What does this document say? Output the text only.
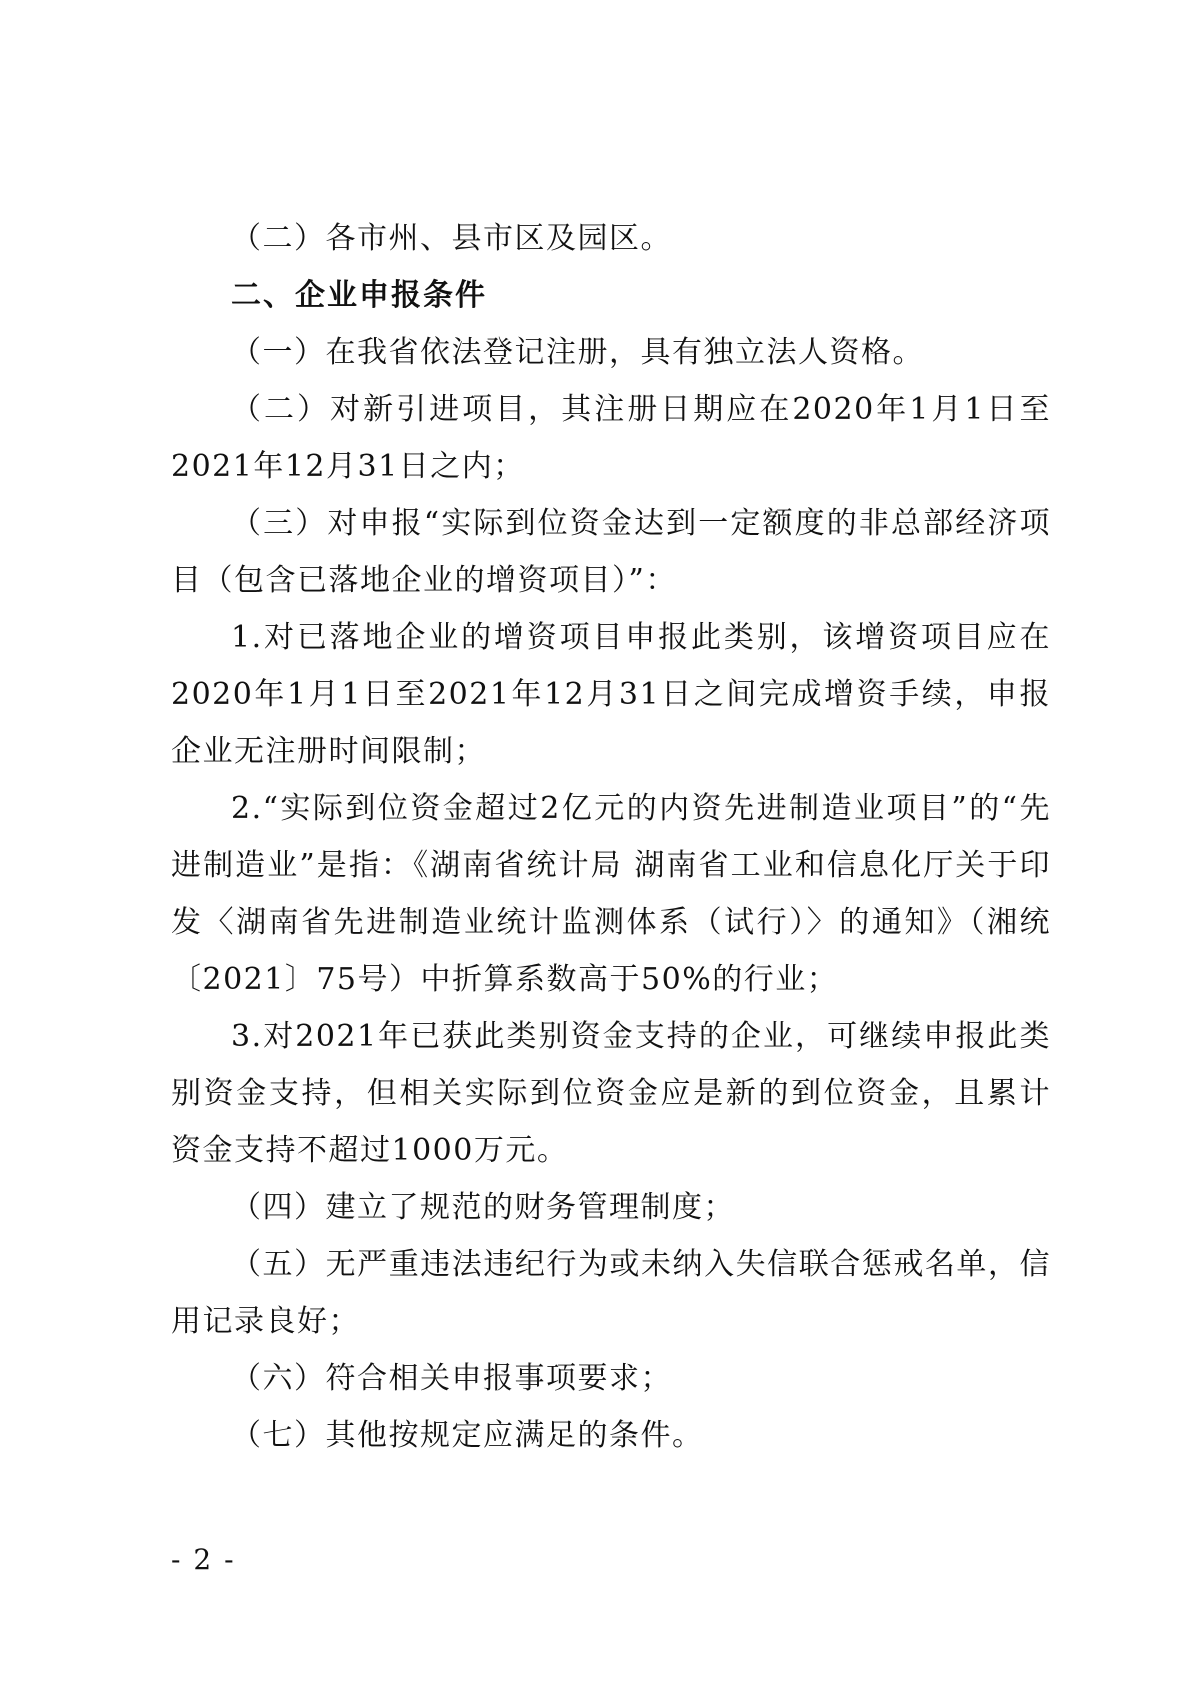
（二）各市州、县市区及园区。

二、企业申报条件

（一）在我省依法登记注册，具有独立法人资格。

（二）对新引进项目，其注册日期应在2020年1月1日至2021年12月31日之内；

（三）对申报“实际到位资金达到一定额度的非总部经济项目（包含已落地企业的增资项目）”：

1.对已落地企业的增资项目申报此类别，该增资项目应在2020年1月1日至2021年12月31日之间完成增资手续，申报企业无注册时间限制；

2.“实际到位资金超过2亿元的内资先进制造业项目”的“先进制造业”是指：《湖南省统计局 湖南省工业和信息化厅关于印发〈湖南省先进制造业统计监测体系（试行）〉的通知》（湘统〔2021〕75号）中折算系数高于50%的行业；

3.对2021年已获此类别资金支持的企业，可继续申报此类别资金支持，但相关实际到位资金应是新的到位资金，且累计资金支持不超过1000万元。

（四）建立了规范的财务管理制度；

（五）无严重违法违纪行为或未纳入失信联合惩戒名单，信用记录良好；

（六）符合相关申报事项要求；

（七）其他按规定应满足的条件。

- 2 -
